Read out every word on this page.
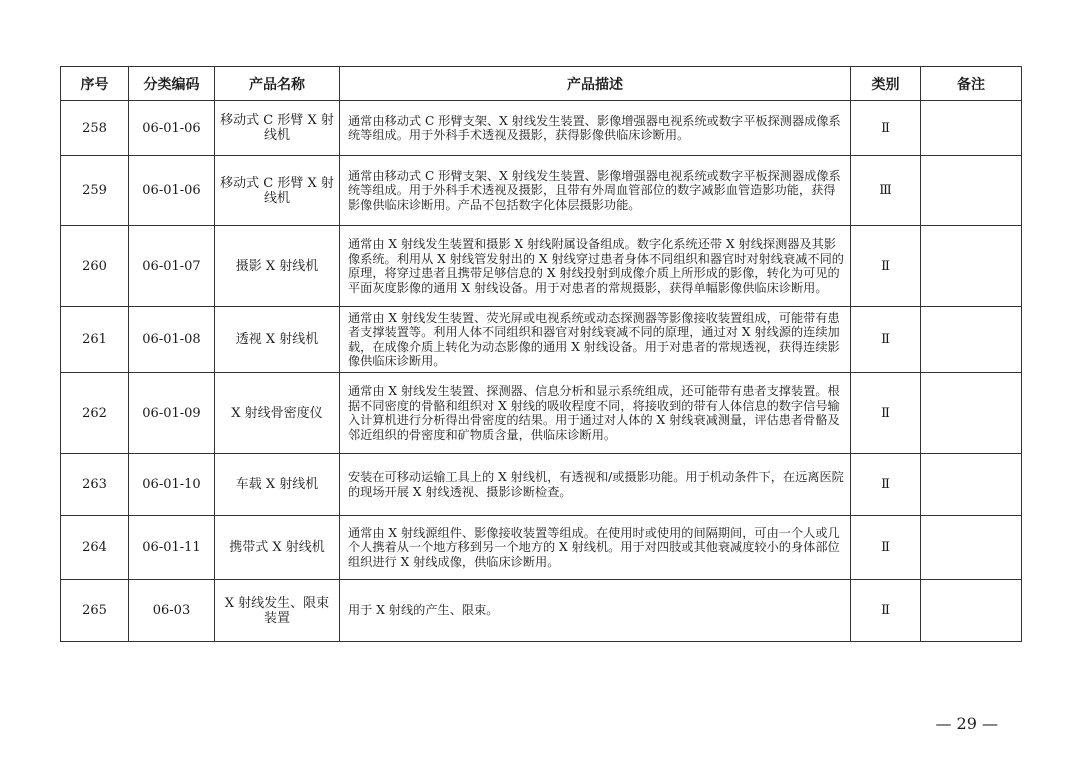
序号	分类编码	产品名称	产品描述	类别	备注
258	06-01-06	移动式 C 形臂 X 射线机	通常由移动式 C 形臂支架、X 射线发生装置、影像增强器电视系统或数字平板探测器成像系统等组成。用于外科手术透视及摄影，获得影像供临床诊断用。	Ⅱ	
259	06-01-06	移动式 C 形臂 X 射线机	通常由移动式 C 形臂支架、X 射线发生装置、影像增强器电视系统或数字平板探测器成像系统等组成。用于外科手术透视及摄影，且带有外周血管部位的数字减影血管造影功能，获得影像供临床诊断用。产品不包括数字化体层摄影功能。	Ⅲ	
260	06-01-07	摄影 X 射线机	通常由 X 射线发生装置和摄影 X 射线附属设备组成。数字化系统还带 X 射线探测器及其影像系统。利用从 X 射线管发射出的 X 射线穿过患者身体不同组织和器官时对射线衰减不同的原理，将穿过患者且携带足够信息的 X 射线投射到成像介质上所形成的影像，转化为可见的平面灰度影像的通用 X 射线设备。用于对患者的常规摄影，获得单幅影像供临床诊断用。	Ⅱ	
261	06-01-08	透视 X 射线机	通常由 X 射线发生装置、荧光屏或电视系统或动态探测器等影像接收装置组成，可能带有患者支撑装置等。利用人体不同组织和器官对射线衰减不同的原理，通过对 X 射线源的连续加载，在成像介质上转化为动态影像的通用 X 射线设备。用于对患者的常规透视，获得连续影像供临床诊断用。	Ⅱ	
262	06-01-09	X 射线骨密度仪	通常由 X 射线发生装置、探测器、信息分析和显示系统组成，还可能带有患者支撑装置。根据不同密度的骨骼和组织对 X 射线的吸收程度不同，将接收到的带有人体信息的数字信号输入计算机进行分析得出骨密度的结果。用于通过对人体的 X 射线衰减测量，评估患者骨骼及邻近组织的骨密度和矿物质含量，供临床诊断用。	Ⅱ	
263	06-01-10	车载 X 射线机	安装在可移动运输工具上的 X 射线机，有透视和/或摄影功能。用于机动条件下，在远离医院的现场开展 X 射线透视、摄影诊断检查。	Ⅱ	
264	06-01-11	携带式 X 射线机	通常由 X 射线源组件、影像接收装置等组成。在使用时或使用的间隔期间，可由一个人或几个人携着从一个地方移到另一个地方的 X 射线机。用于对四肢或其他衰减度较小的身体部位组织进行 X 射线成像，供临床诊断用。	Ⅱ	
265	06-03	X 射线发生、限束装置	用于 X 射线的产生、限束。	Ⅱ	
— 29 —
